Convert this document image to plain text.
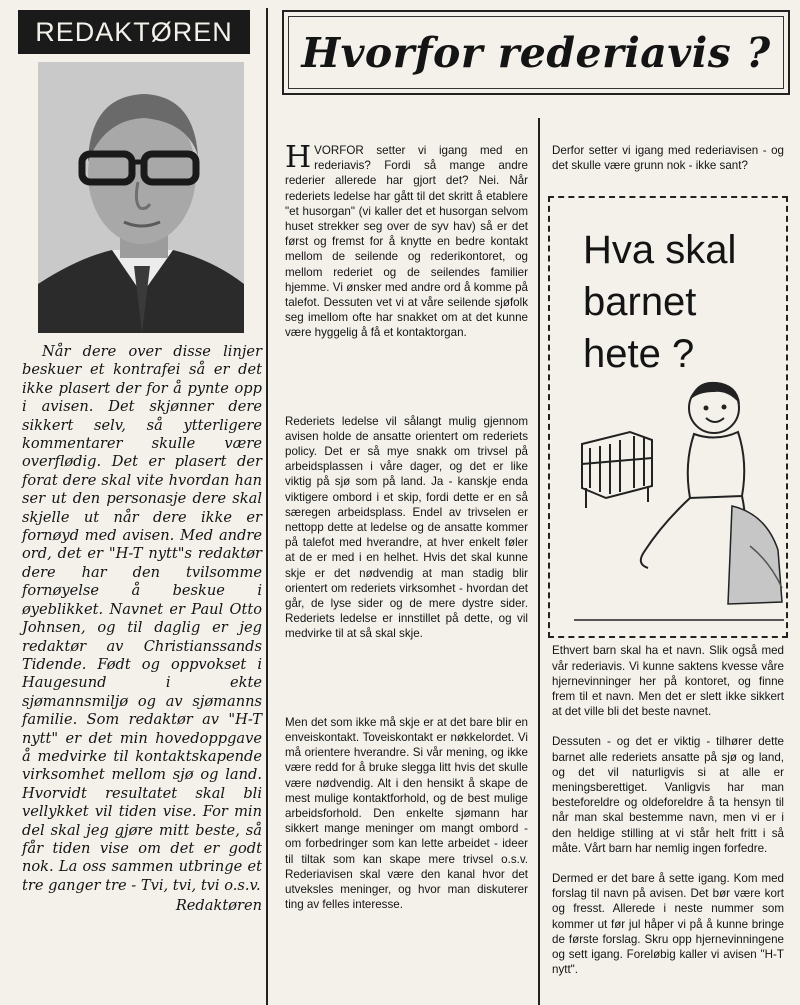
REDAKTØREN

Når dere over disse linjer beskuer et kontrafei så er det ikke plasert der for å pynte opp i avisen. Det skjønner dere sikkert selv, så ytterligere kommentarer skulle være overflødig. Det er plasert der forat dere skal vite hvordan han ser ut den personasje dere skal skjelle ut når dere ikke er fornøyd med avisen. Med andre ord, det er "H-T nytt"s redaktør dere har den tvilsomme fornøyelse å beskue i øyeblikket. Navnet er Paul Otto Johnsen, og til daglig er jeg redaktør av Christianssands Tidende. Født og oppvokset i Haugesund i ekte sjømannsmiljø og av sjømanns familie. Som redaktør av "H-T nytt" er det min hovedoppgave å medvirke til kontaktskapende virksomhet mellom sjø og land. Hvorvidt resultatet skal bli vellykket vil tiden vise. For min del skal jeg gjøre mitt beste, så får tiden vise om det er godt nok. La oss sammen utbringe et tre ganger tre - Tvi, tvi, tvi o.s.v.

Redaktøren
Hvorfor rederiavis ?

HVORFOR setter vi igang med en rederiavis? Fordi så mange andre rederier allerede har gjort det? Nei. Når rederiets ledelse har gått til det skritt å etablere "et husorgan" (vi kaller det et husorgan selvom huset strekker seg over de syv hav) så er det først og fremst for å knytte en bedre kontakt mellom de seilende og rederikontoret, og mellom rederiet og de seilendes familier hjemme. Vi ønsker med andre ord å komme på talefot. Dessuten vet vi at våre seilende sjøfolk seg imellom ofte har snakket om at det kunne være hyggelig å få et kontaktorgan.

Rederiets ledelse vil sålangt mulig gjennom avisen holde de ansatte orientert om rederiets policy. Det er så mye snakk om trivsel på arbeidsplassen i våre dager, og det er like viktig på sjø som på land. Ja - kanskje enda viktigere ombord i et skip, fordi dette er en så særegen arbeidsplass. Endel av trivselen er nettopp dette at ledelse og de ansatte kommer på talefot med hverandre, at hver enkelt føler at de er med i en helhet. Hvis det skal kunne skje er det nødvendig at man stadig blir orientert om rederiets virksomhet - hvordan det går, de lyse sider og de mere dystre sider. Rederiets ledelse er innstillet på dette, og vil medvirke til at så skal skje.

Men det som ikke må skje er at det bare blir en enveiskontakt. Toveiskontakt er nøkkelordet. Vi må orientere hverandre. Si vår mening, og ikke være redd for å bruke slegga litt hvis det skulle være nødvendig. Alt i den hensikt å skape de mest mulige kontaktforhold, og de best mulige arbeidsforhold. Den enkelte sjømann har sikkert mange meninger om mangt ombord - om forbedringer som kan lette arbeidet - ideer til tiltak som kan skape mere trivsel o.s.v. Rederiavisen skal være den kanal hvor det utveksles meninger, og hvor man diskuterer ting av felles interesse.

Derfor setter vi igang med rederiavisen - og det skulle være grunn nok - ikke sant?

Ethvert barn skal ha et navn. Slik også med vår rederiavis. Vi kunne saktens kvesse våre hjernevinninger her på kontoret, og finne frem til et navn. Men det er slett ikke sikkert at det ville bli det beste navnet.

Dessuten - og det er viktig - tilhører dette barnet alle rederiets ansatte på sjø og land, og det vil naturligvis si at alle er meningsberettiget. Vanligvis har man besteforeldre og oldeforeldre å ta hensyn til når man skal bestemme navn, men vi er i den heldige stilling at vi står helt fritt i så måte. Vårt barn har nemlig ingen forfedre.

Dermed er det bare å sette igang. Kom med forslag til navn på avisen. Det bør være kort og fresst. Allerede i neste nummer som kommer ut før jul håper vi på å kunne bringe de første forslag. Skru opp hjernevinningene og sett igang. Foreløbig kaller vi avisen "H-T nytt".

Hva skal
barnet
hete ?
